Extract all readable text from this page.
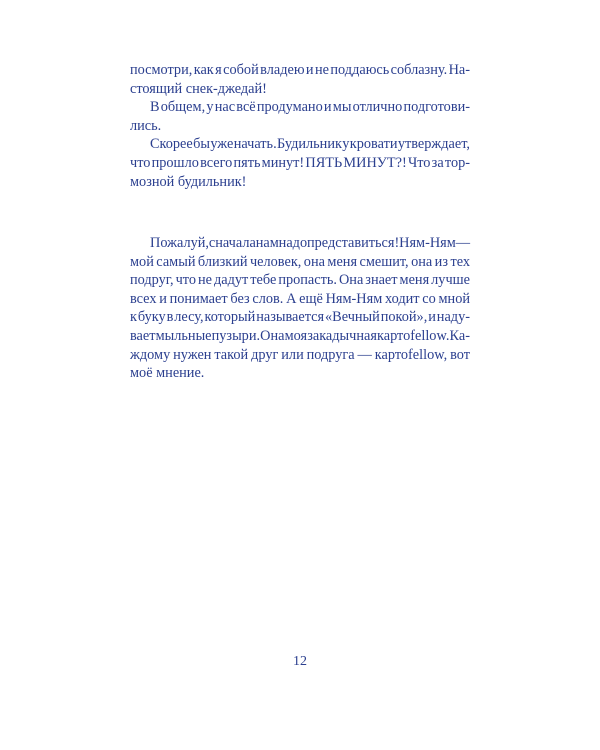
посмотри, как я собой владею и не поддаюсь соблазну. На-
стоящий снек-джедай!
В общем, у нас всё продумано и мы отлично подготови-
лись.
Скорее бы уже начать. Будильник у кровати утверждает,
что прошло всего пять минут! ПЯТЬ МИНУТ?! Что за тор-
мозной будильник!
Пожалуй, сначала нам надо представиться! Ням-Ням —
мой самый близкий человек, она меня смешит, она из тех
подруг, что не дадут тебе пропасть. Она знает меня лучше
всех и понимает без слов. А ещё Ням-Ням ходит со мной
к буку в лесу, который называется «Вечный покой», и наду-
вает мыльные пузыри. Она моя закадычная картоfellow. Ка-
ждому нужен такой друг или подруга — картоfellow, вот
моё мнение.
12
